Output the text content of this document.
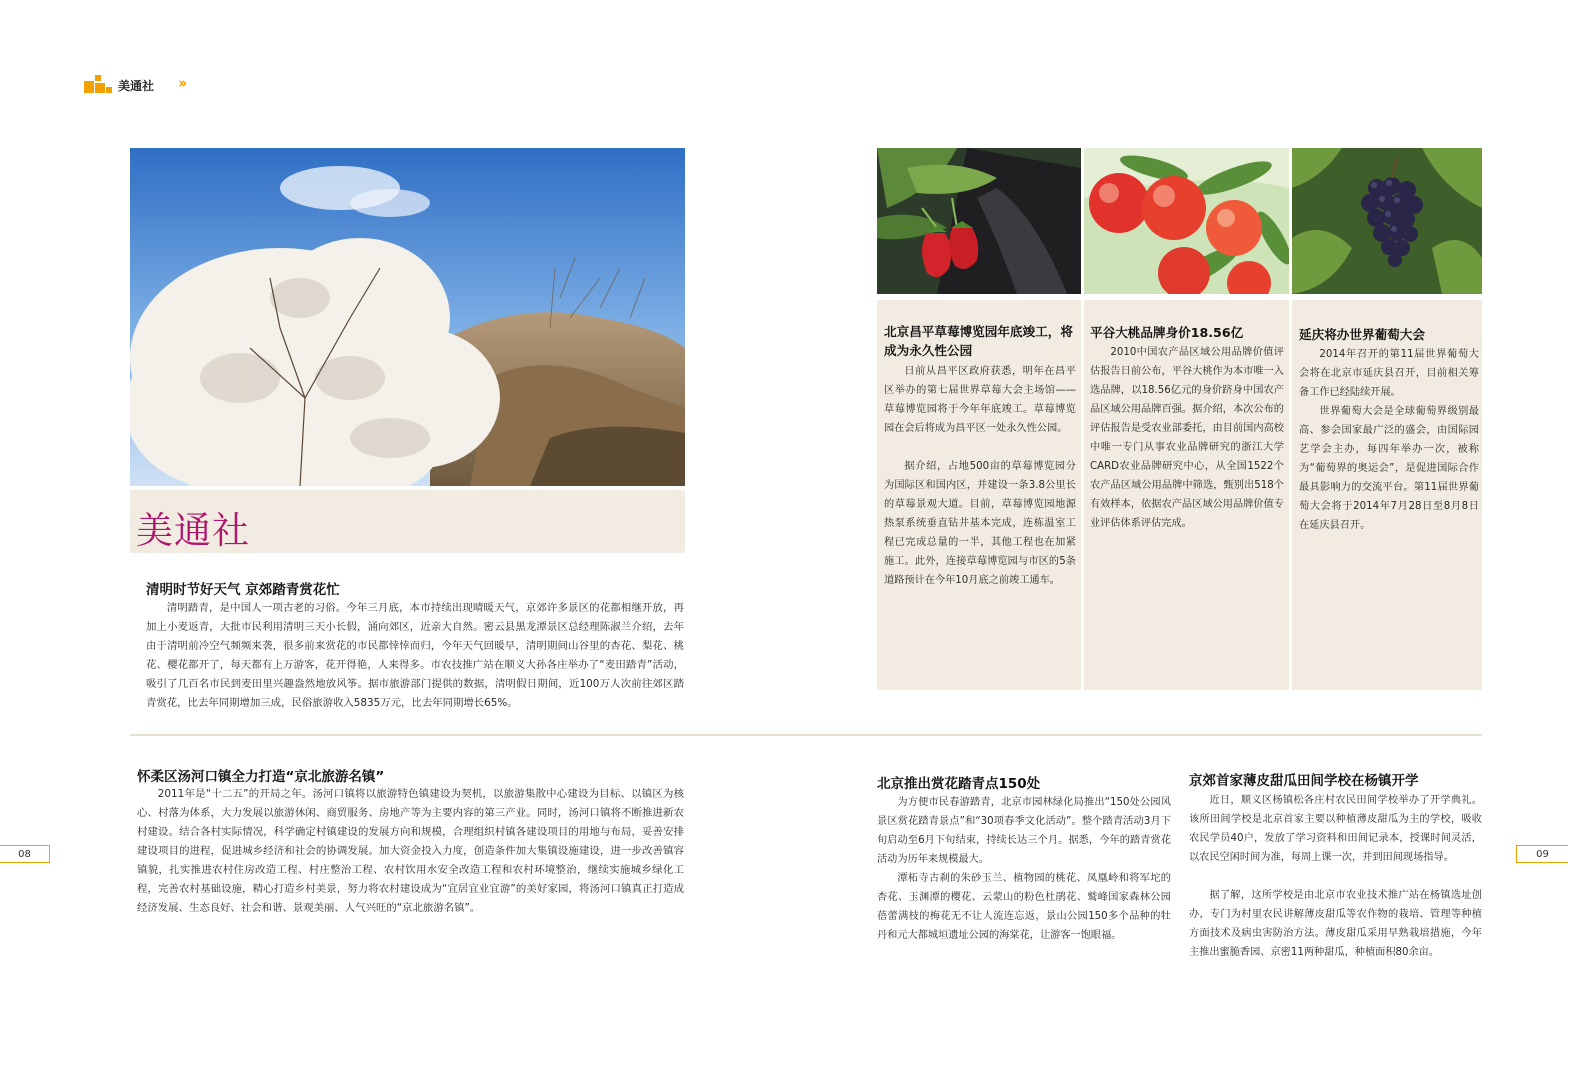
美通社 ››
美通社
清明时节好天气 京郊踏青赏花忙

清明踏青，是中国人一项古老的习俗。今年三月底，本市持续出现晴暖天气，京郊许多景区的花都相继开放，再加上小麦返青，大批市民利用清明三天小长假，涌向郊区，近亲大自然。密云县黑龙潭景区总经理陈淑兰介绍，去年由于清明前冷空气频频来袭，很多前来赏花的市民都悻悻而归，今年天气回暖早，清明期间山谷里的杏花、梨花、桃花、樱花都开了，每天都有上万游客，花开得艳，人来得多。市农技推广站在顺义大孙各庄举办了“麦田踏青”活动，吸引了几百名市民到麦田里兴趣盎然地放风筝。据市旅游部门提供的数据，清明假日期间，近100万人次前往郊区踏青赏花，比去年同期增加三成，民俗旅游收入5835万元，比去年同期增长65%。

北京昌平草莓博览园年底竣工，将成为永久性公园

日前从昌平区政府获悉，明年在昌平区举办的第七届世界草莓大会主场馆——草莓博览园将于今年年底竣工。草莓博览园在会后将成为昌平区一处永久性公园。

据介绍，占地500亩的草莓博览园分为国际区和国内区，并建设一条3.8公里长的草莓景观大道。目前，草莓博览园地源热泵系统垂直钻井基本完成，连栋温室工程已完成总量的一半，其他工程也在加紧施工。此外，连接草莓博览园与市区的5条道路预计在今年10月底之前竣工通车。

平谷大桃品牌身价18.56亿

2010中国农产品区域公用品牌价值评估报告日前公布，平谷大桃作为本市唯一入选品牌，以18.56亿元的身价跻身中国农产品区域公用品牌百强。据介绍，本次公布的评估报告是受农业部委托，由目前国内高校中唯一专门从事农业品牌研究的浙江大学CARD农业品牌研究中心，从全国1522个农产品区域公用品牌中筛选，甄别出518个有效样本，依据农产品区域公用品牌价值专业评估体系评估完成。

延庆将办世界葡萄大会

2014年召开的第11届世界葡萄大会将在北京市延庆县召开，目前相关筹备工作已经陆续开展。

世界葡萄大会是全球葡萄界级别最高、参会国家最广泛的盛会，由国际园艺学会主办，每四年举办一次，被称为“葡萄界的奥运会”，是促进国际合作最具影响力的交流平台。第11届世界葡萄大会将于2014年7月28日至8月8日在延庆县召开。

怀柔区汤河口镇全力打造“京北旅游名镇”

2011年是“十二五”的开局之年。汤河口镇将以旅游特色镇建设为契机，以旅游集散中心建设为目标、以镇区为核心、村落为体系，大力发展以旅游休闲、商贸服务、房地产等为主要内容的第三产业。同时，汤河口镇将不断推进新农村建设。结合各村实际情况，科学确定村镇建设的发展方向和规模，合理组织村镇各建设项目的用地与布局，妥善安排建设项目的进程，促进城乡经济和社会的协调发展。加大资金投入力度，创造条件加大集镇设施建设，进一步改善镇容镇貌，扎实推进农村住房改造工程、村庄整治工程、农村饮用水安全改造工程和农村环境整治，继续实施城乡绿化工程，完善农村基础设施，精心打造乡村美景，努力将农村建设成为“宜居宜业宜游”的美好家园，将汤河口镇真正打造成经济发展、生态良好、社会和谐、景观美丽、人气兴旺的“京北旅游名镇”。

北京推出赏花踏青点150处

为方便市民春游踏青，北京市园林绿化局推出“150处公园风景区赏花踏青景点”和“30项春季文化活动”。整个踏青活动3月下旬启动至6月下旬结束，持续长达三个月。据悉，今年的踏青赏花活动为历年来规模最大。

潭柘寺古刹的朱砂玉兰、植物园的桃花、凤凰岭和将军坨的杏花、玉渊潭的樱花、云蒙山的粉色杜鹃花、鹫峰国家森林公园蓓蕾满枝的梅花无不让人流连忘返，景山公园150多个品种的牡丹和元大都城垣遗址公园的海棠花，让游客一饱眼福。

京郊首家薄皮甜瓜田间学校在杨镇开学

近日，顺义区杨镇松各庄村农民田间学校举办了开学典礼。该所田间学校是北京首家主要以种植薄皮甜瓜为主的学校，吸收农民学员40户，发放了学习资料和田间记录本，授课时间灵活，以农民空闲时间为准，每周上课一次，并到田间现场指导。

据了解，这所学校是由北京市农业技术推广站在杨镇选址创办，专门为村里农民讲解薄皮甜瓜等农作物的栽培、管理等种植方面技术及病虫害防治方法。薄皮甜瓜采用早熟栽培措施，今年主推出蜜脆香园、京密11两种甜瓜，种植面积80余亩。

08	09
